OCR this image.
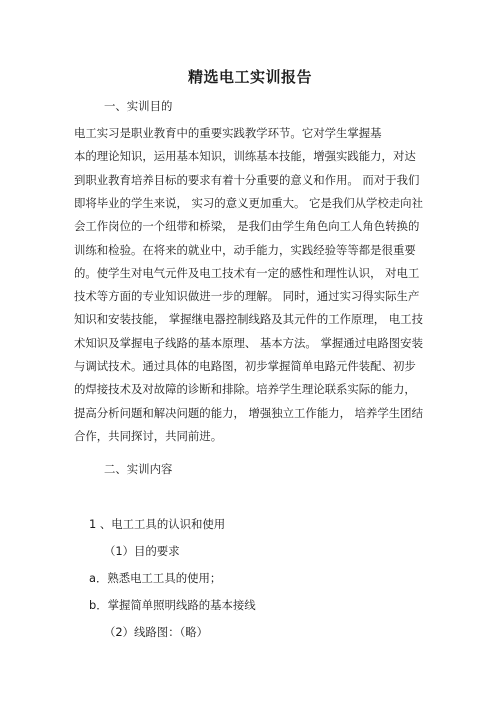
精选电工实训报告
一、实训目的
电工实习是职业教育中的重要实践教学环节。它对学生掌握基
本的理论知识，运用基本知识，训练基本技能，增强实践能力，对达
到职业教育培养目标的要求有着十分重要的意义和作用。 而对于我们
即将毕业的学生来说， 实习的意义更加重大。 它是我们从学校走向社
会工作岗位的一个纽带和桥梁， 是我们由学生角色向工人角色转换的
训练和检验。在将来的就业中，动手能力，实践经验等等都是很重要
的。使学生对电气元件及电工技术有一定的感性和理性认识， 对电工
技术等方面的专业知识做进一步的理解。 同时，通过实习得实际生产
知识和安装技能， 掌握继电器控制线路及其元件的工作原理， 电工技
术知识及掌握电子线路的基本原理、 基本方法。 掌握通过电路图安装
与调试技术。通过具体的电路图，初步掌握简单电路元件装配、初步
的焊接技术及对故障的诊断和排除。培养学生理论联系实际的能力，
提高分析问题和解决问题的能力， 增强独立工作能力， 培养学生团结
合作，共同探讨，共同前进。
二、实训内容
1 、电工工具的认识和使用
（1）目的要求
a．熟悉电工工具的使用；
b．掌握简单照明线路的基本接线
（2）线路图：（略）
